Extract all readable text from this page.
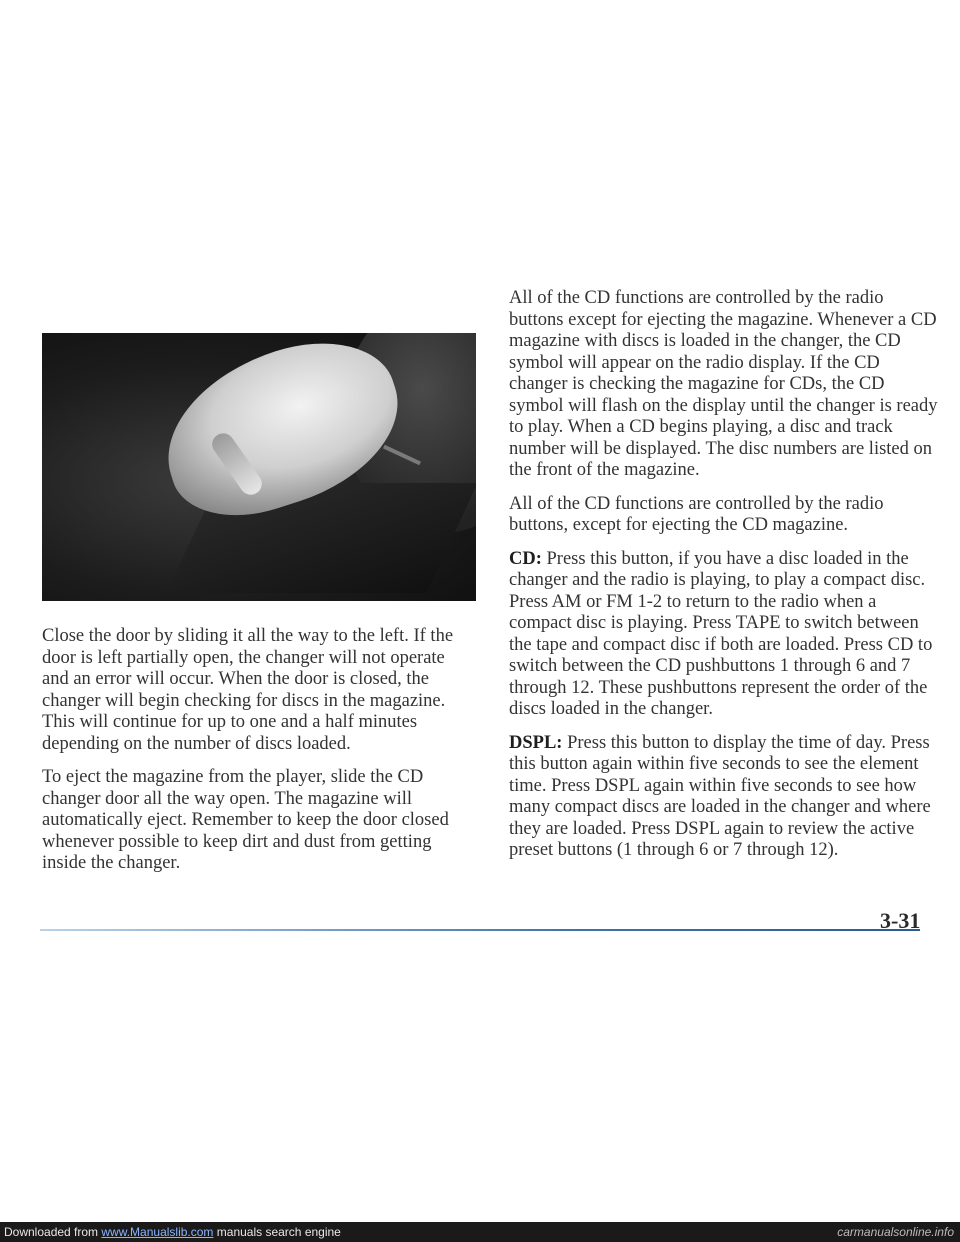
Close the door by sliding it all the way to the left. If the door is left partially open, the changer will not operate and an error will occur. When the door is closed, the changer will begin checking for discs in the magazine. This will continue for up to one and a half minutes depending on the number of discs loaded.

To eject the magazine from the player, slide the CD changer door all the way open. The magazine will automatically eject. Remember to keep the door closed whenever possible to keep dirt and dust from getting inside the changer.

All of the CD functions are controlled by the radio buttons except for ejecting the magazine. Whenever a CD magazine with discs is loaded in the changer, the CD symbol will appear on the radio display. If the CD changer is checking the magazine for CDs, the CD symbol will flash on the display until the changer is ready to play. When a CD begins playing, a disc and track number will be displayed. The disc numbers are listed on the front of the magazine.

All of the CD functions are controlled by the radio buttons, except for ejecting the CD magazine.

CD: Press this button, if you have a disc loaded in the changer and the radio is playing, to play a compact disc. Press AM or FM 1-2 to return to the radio when a compact disc is playing. Press TAPE to switch between the tape and compact disc if both are loaded. Press CD to switch between the CD pushbuttons 1 through 6 and 7 through 12. These pushbuttons represent the order of the discs loaded in the changer.

DSPL: Press this button to display the time of day. Press this button again within five seconds to see the element time. Press DSPL again within five seconds to see how many compact discs are loaded in the changer and where they are loaded. Press DSPL again to review the active preset buttons (1 through 6 or 7 through 12).

3-31
Downloaded from www.Manualslib.com manuals search engine	carmanualsonline.info
